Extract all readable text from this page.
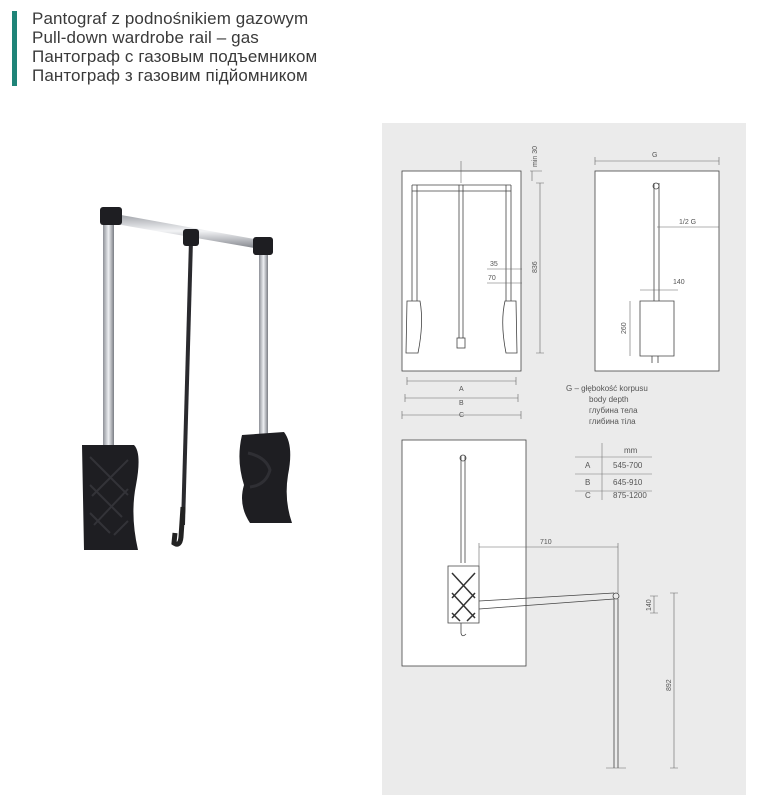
Pantograf z podnośnikiem gazowym
Pull-down wardrobe rail – gas
Пантограф с газовым подъемником
Пантограф з газовим підйомником
min 30
836
35
70
A
B
C
G
1/2 G
140
260
G – głębokość korpusu
body depth
глубина тела
глибина тіла
mm
A	545-700
B	645-910
C	875-1200
710
140
892
